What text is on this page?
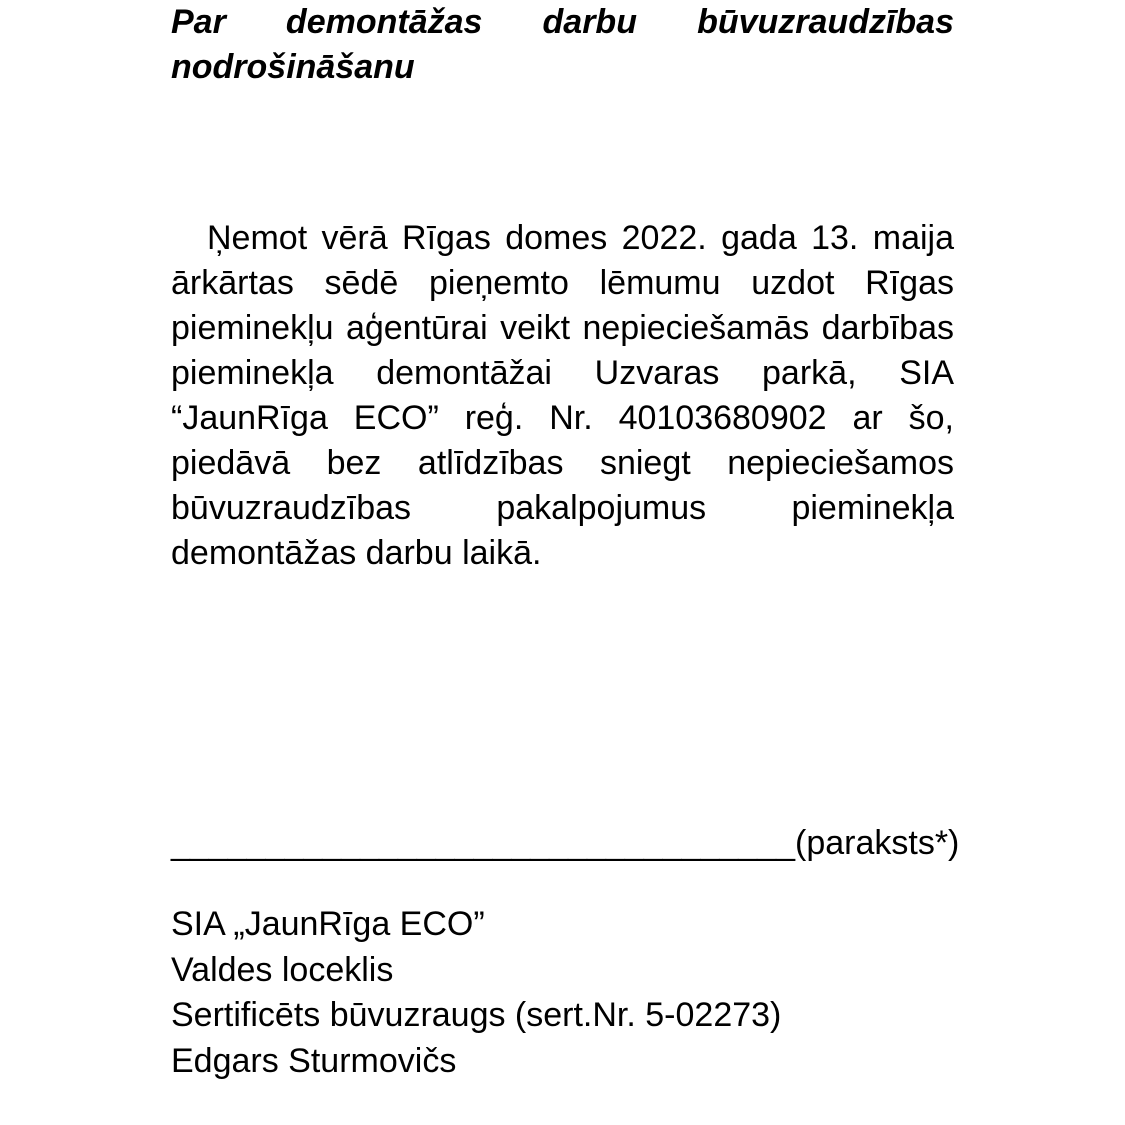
Par demontāžas darbu būvuzraudzības nodrošināšanu

Ņemot vērā Rīgas domes 2022. gada 13. maija ārkārtas sēdē pieņemto lēmumu uzdot Rīgas pieminekļu aģentūrai veikt nepieciešamās darbības pieminekļa demontāžai Uzvaras parkā, SIA “JaunRīga ECO” reģ. Nr. 40103680902 ar šo, piedāvā bez atlīdzības sniegt nepieciešamos būvuzraudzības pakalpojumus pieminekļa demontāžas darbu laikā.

_________________________________(paraksts*)

SIA „JaunRīga ECO”
Valdes loceklis
Sertificēts būvuzraugs (sert.Nr. 5-02273)
Edgars Sturmovičs
